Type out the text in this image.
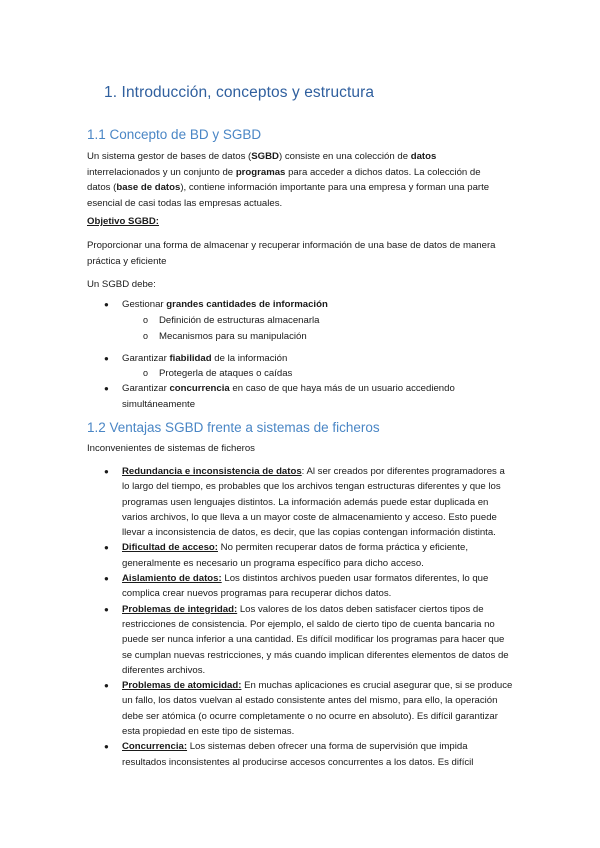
1. Introducción, conceptos y estructura
1.1 Concepto de BD y SGBD

Un sistema gestor de bases de datos (SGBD) consiste en una colección de datos interrelacionados y un conjunto de programas para acceder a dichos datos. La colección de datos (base de datos), contiene información importante para una empresa y forman una parte esencial de casi todas las empresas actuales.

Objetivo SGBD:

Proporcionar una forma de almacenar y recuperar información de una base de datos de manera práctica y eficiente

Un SGBD debe:

● Gestionar grandes cantidades de información
o Definición de estructuras almacenarla
o Mecanismos para su manipulación
● Garantizar fiabilidad de la información
o Protegerla de ataques o caídas
● Garantizar concurrencia en caso de que haya más de un usuario accediendo simultáneamente
1.2 Ventajas SGBD frente a sistemas de ficheros

Inconvenientes de sistemas de ficheros

● Redundancia e inconsistencia de datos: Al ser creados por diferentes programadores a lo largo del tiempo, es probables que los archivos tengan estructuras diferentes y que los programas usen lenguajes distintos. La información además puede estar duplicada en varios archivos, lo que lleva a un mayor coste de almacenamiento y acceso. Esto puede llevar a inconsistencia de datos, es decir, que las copias contengan información distinta.
● Dificultad de acceso: No permiten recuperar datos de forma práctica y eficiente, generalmente es necesario un programa específico para dicho acceso.
● Aislamiento de datos: Los distintos archivos pueden usar formatos diferentes, lo que complica crear nuevos programas para recuperar dichos datos.
● Problemas de integridad: Los valores de los datos deben satisfacer ciertos tipos de restricciones de consistencia. Por ejemplo, el saldo de cierto tipo de cuenta bancaria no puede ser nunca inferior a una cantidad. Es difícil modificar los programas para hacer que se cumplan nuevas restricciones, y más cuando implican diferentes elementos de datos de diferentes archivos.
● Problemas de atomicidad: En muchas aplicaciones es crucial asegurar que, si se produce un fallo, los datos vuelvan al estado consistente antes del mismo, para ello, la operación debe ser atómica (o ocurre completamente o no ocurre en absoluto). Es difícil garantizar esta propiedad en este tipo de sistemas.
● Concurrencia: Los sistemas deben ofrecer una forma de supervisión que impida resultados inconsistentes al producirse accesos concurrentes a los datos. Es difícil
